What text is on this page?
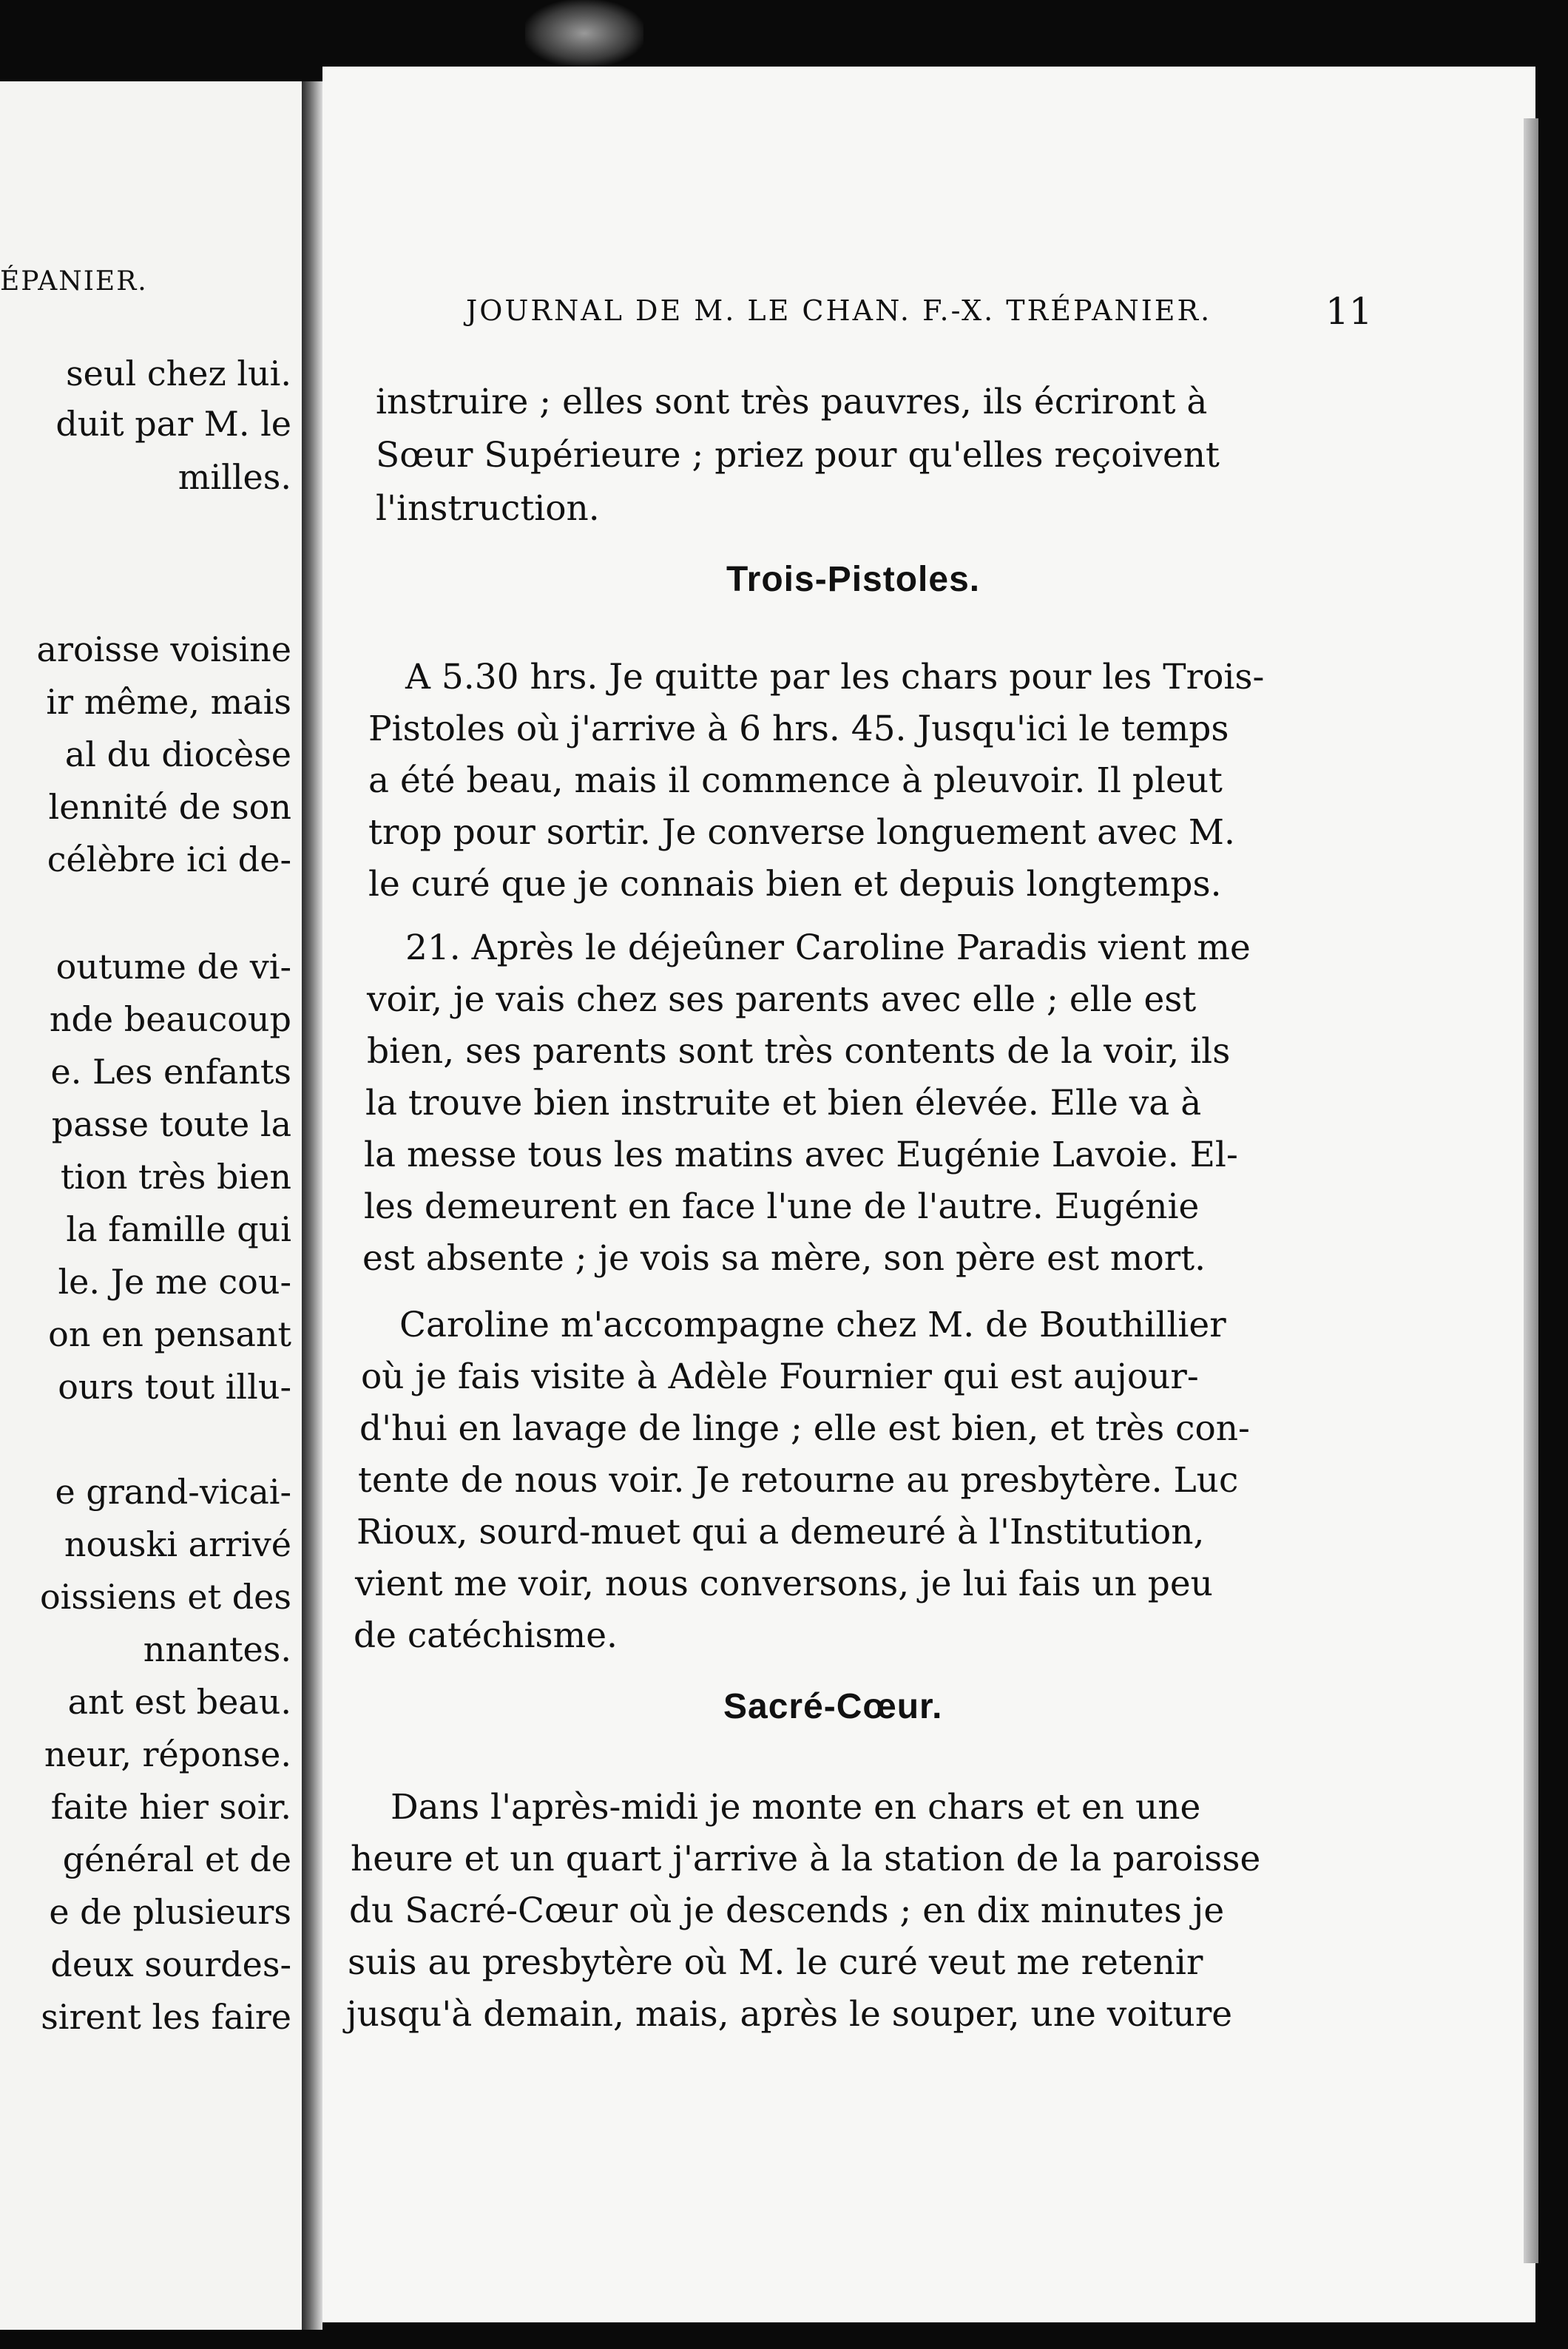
ÉPANIER.
seul chez lui.
duit par M. le
milles.
aroisse voisine
ir même, mais
al du diocèse
lennité de son
célèbre ici de-
outume de vi-
nde beaucoup
e. Les enfants
passe toute la
tion très bien
la famille qui
le. Je me cou-
on en pensant
ours tout illu-
e grand-vicai-
nouski arrivé
oissiens et des
nnantes.
ant est beau.
neur, réponse.
faite hier soir.
général et de
e de plusieurs
deux sourdes-
sirent les faire
JOURNAL DE M. LE CHAN. F.-X. TRÉPANIER.	11
instruire ; elles sont très pauvres, ils écriront à
Sœur Supérieure ; priez pour qu'elles reçoivent
l'instruction.
Trois-Pistoles.
A 5.30 hrs. Je quitte par les chars pour les Trois-
Pistoles où j'arrive à 6 hrs. 45. Jusqu'ici le temps
a été beau, mais il commence à pleuvoir. Il pleut
trop pour sortir. Je converse longuement avec M.
le curé que je connais bien et depuis longtemps.
21. Après le déjeûner Caroline Paradis vient me
voir, je vais chez ses parents avec elle ; elle est
bien, ses parents sont très contents de la voir, ils
la trouve bien instruite et bien élevée. Elle va à
la messe tous les matins avec Eugénie Lavoie. El-
les demeurent en face l'une de l'autre. Eugénie
est absente ; je vois sa mère, son père est mort.
Caroline m'accompagne chez M. de Bouthillier
où je fais visite à Adèle Fournier qui est aujour-
d'hui en lavage de linge ; elle est bien, et très con-
tente de nous voir. Je retourne au presbytère. Luc
Rioux, sourd-muet qui a demeuré à l'Institution,
vient me voir, nous conversons, je lui fais un peu
de catéchisme.
Sacré-Cœur.
Dans l'après-midi je monte en chars et en une
heure et un quart j'arrive à la station de la paroisse
du Sacré-Cœur où je descends ; en dix minutes je
suis au presbytère où M. le curé veut me retenir
jusqu'à demain, mais, après le souper, une voiture
